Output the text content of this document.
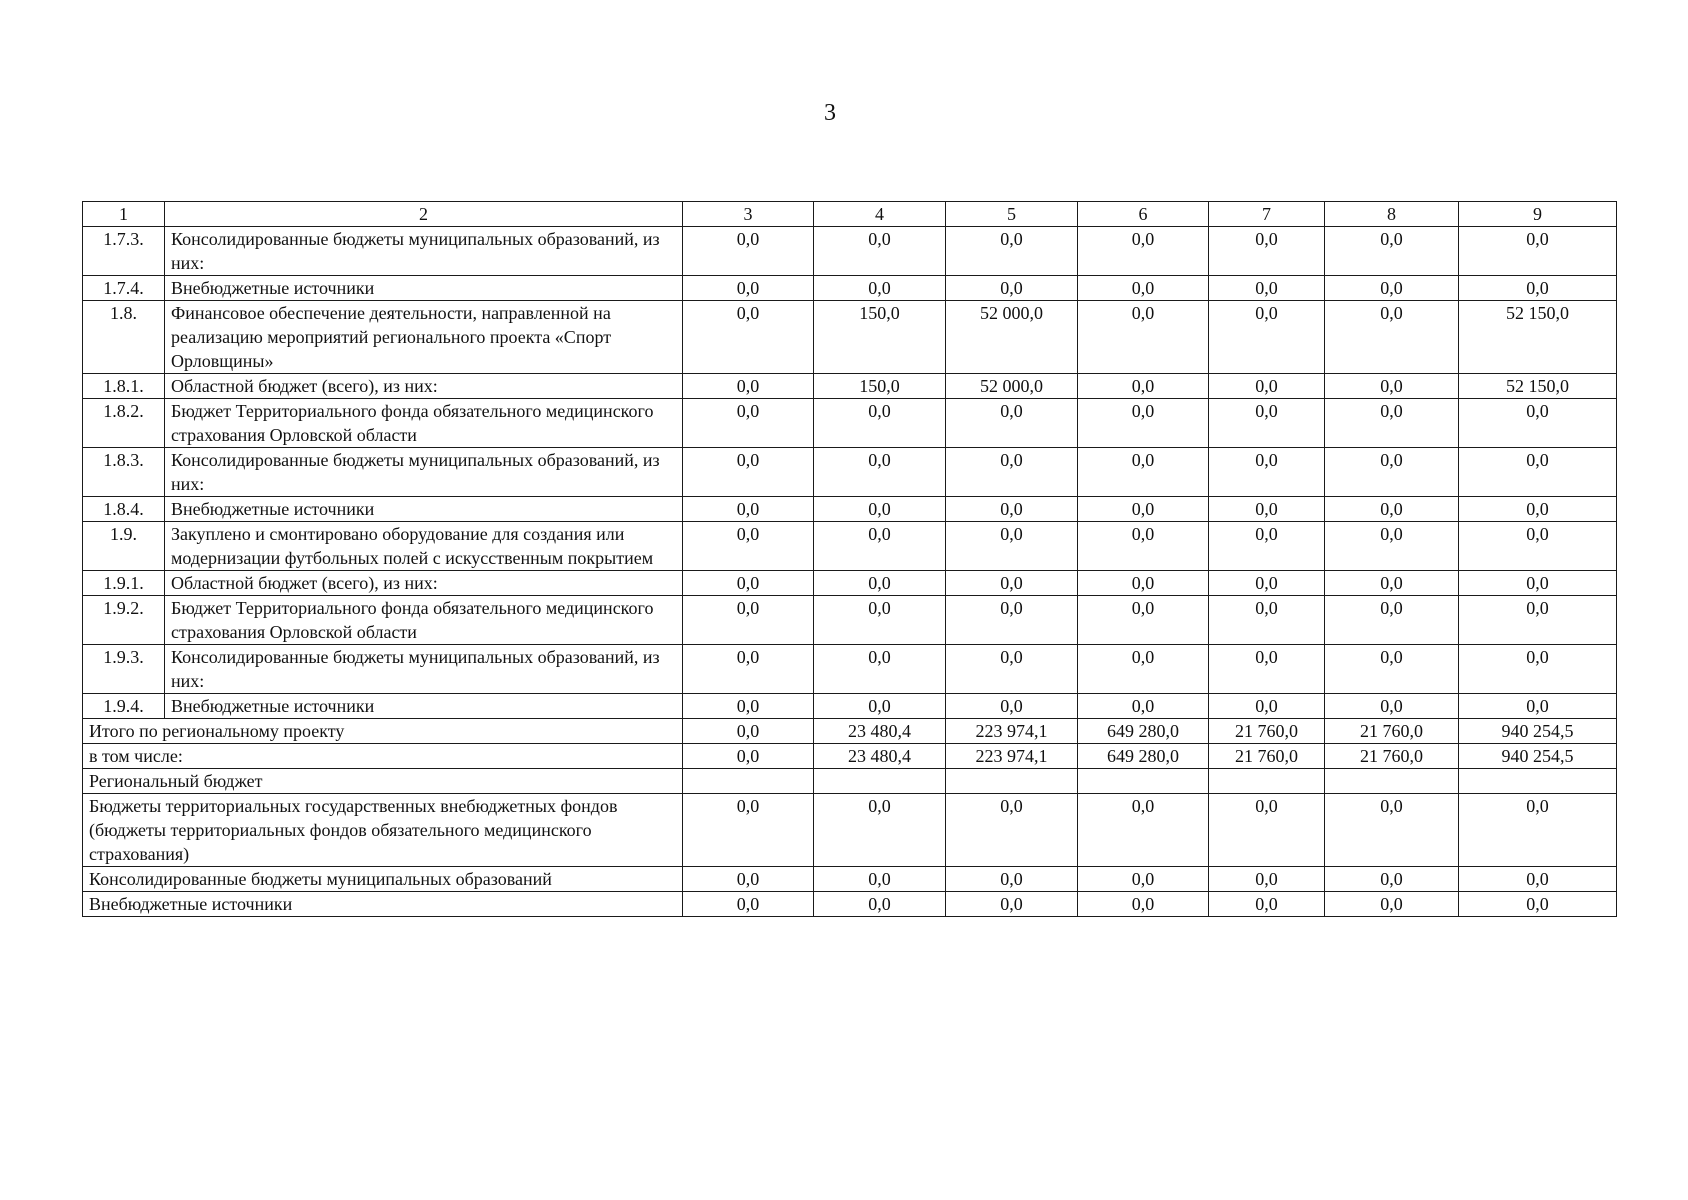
3
1	2	3	4	5	6	7	8	9
1.7.3.	Консолидированные бюджеты муниципальных образований, из них:	0,0	0,0	0,0	0,0	0,0	0,0	0,0
1.7.4.	Внебюджетные источники	0,0	0,0	0,0	0,0	0,0	0,0	0,0
1.8.	Финансовое обеспечение деятельности, направленной на реализацию мероприятий регионального проекта «Спорт Орловщины»	0,0	150,0	52 000,0	0,0	0,0	0,0	52 150,0
1.8.1.	Областной бюджет (всего), из них:	0,0	150,0	52 000,0	0,0	0,0	0,0	52 150,0
1.8.2.	Бюджет Территориального фонда обязательного медицинского страхования Орловской области	0,0	0,0	0,0	0,0	0,0	0,0	0,0
1.8.3.	Консолидированные бюджеты муниципальных образований, из них:	0,0	0,0	0,0	0,0	0,0	0,0	0,0
1.8.4.	Внебюджетные источники	0,0	0,0	0,0	0,0	0,0	0,0	0,0
1.9.	Закуплено и смонтировано оборудование для создания или модернизации футбольных полей с искусственным покрытием	0,0	0,0	0,0	0,0	0,0	0,0	0,0
1.9.1.	Областной бюджет (всего), из них:	0,0	0,0	0,0	0,0	0,0	0,0	0,0
1.9.2.	Бюджет Территориального фонда обязательного медицинского страхования Орловской области	0,0	0,0	0,0	0,0	0,0	0,0	0,0
1.9.3.	Консолидированные бюджеты муниципальных образований, из них:	0,0	0,0	0,0	0,0	0,0	0,0	0,0
1.9.4.	Внебюджетные источники	0,0	0,0	0,0	0,0	0,0	0,0	0,0
Итого по региональному проекту		0,0	23 480,4	223 974,1	649 280,0	21 760,0	21 760,0	940 254,5
в том числе:		0,0	23 480,4	223 974,1	649 280,0	21 760,0	21 760,0	940 254,5
Региональный бюджет								
Бюджеты территориальных государственных внебюджетных фондов (бюджеты территориальных фондов обязательного медицинского страхования)		0,0	0,0	0,0	0,0	0,0	0,0	0,0
Консолидированные бюджеты муниципальных образований		0,0	0,0	0,0	0,0	0,0	0,0	0,0
Внебюджетные источники		0,0	0,0	0,0	0,0	0,0	0,0	0,0
